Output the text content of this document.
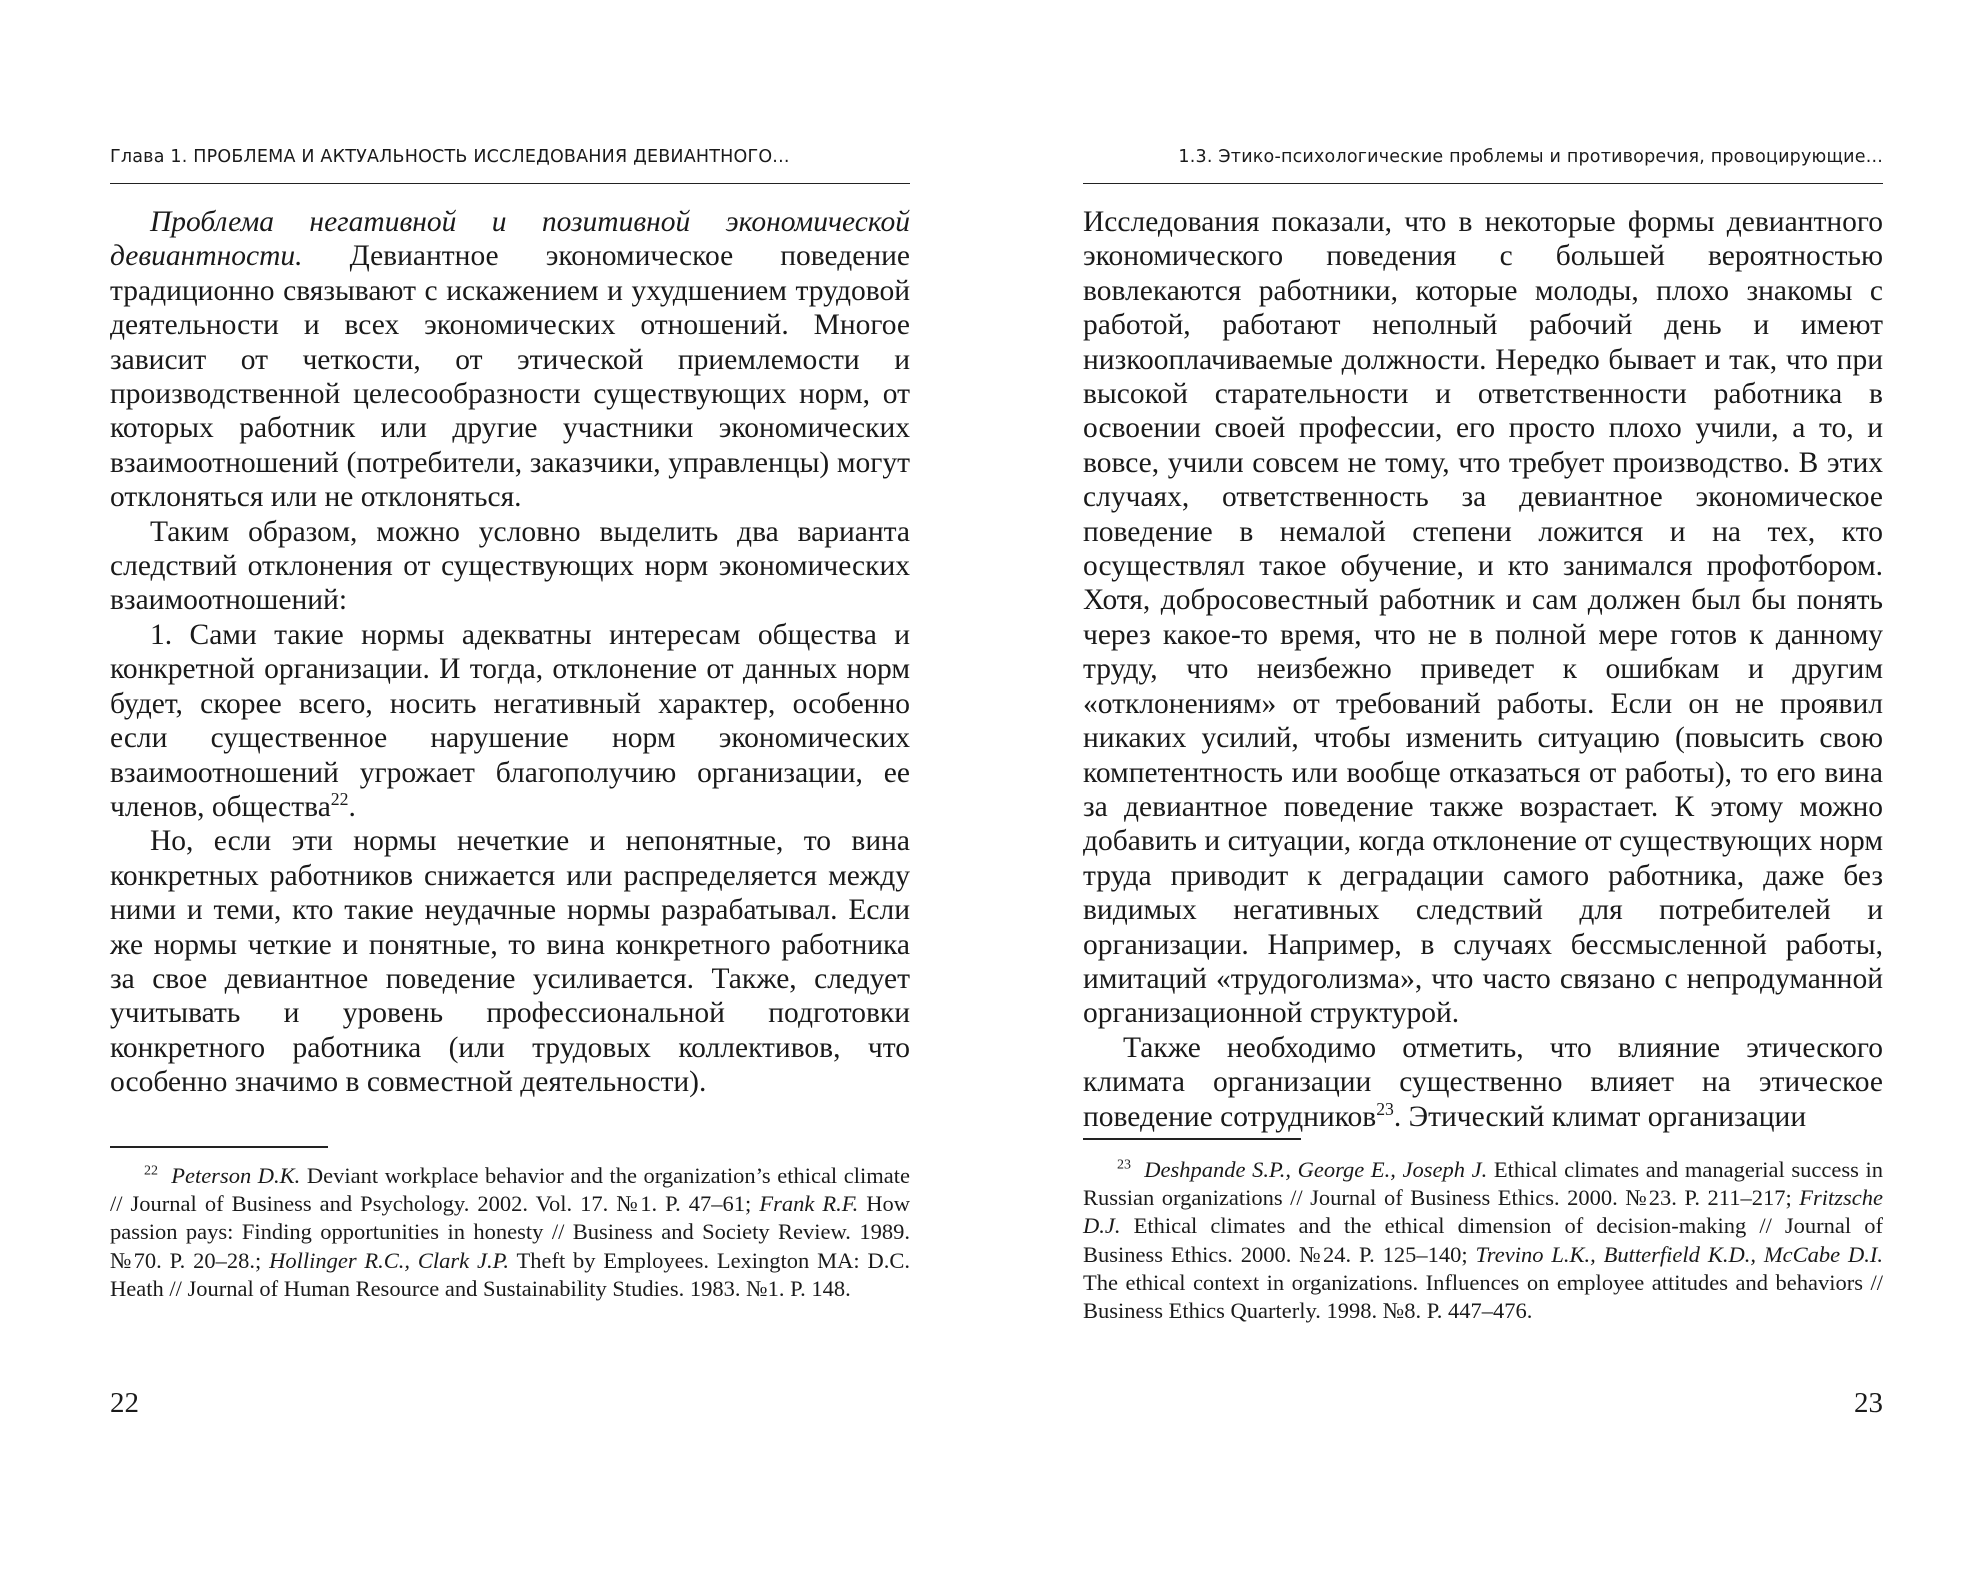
Глава 1. ПРОБЛЕМА И АКТУАЛЬНОСТЬ ИССЛЕДОВАНИЯ ДЕВИАНТНОГО...

Проблема негативной и позитивной экономической девиантности. Девиантное экономическое поведение традиционно связывают с искажением и ухудшением трудовой деятельности и всех экономических отношений. Многое зависит от четкости, от этической приемлемости и производственной целесообразности существующих норм, от которых работник или другие участники экономических взаимоотношений (потребители, заказчики, управленцы) могут отклоняться или не отклоняться.

Таким образом, можно условно выделить два варианта следствий отклонения от существующих норм экономических взаимоотношений:

1. Сами такие нормы адекватны интересам общества и конкретной организации. И тогда, отклонение от данных норм будет, скорее всего, носить негативный характер, особенно если существенное нарушение норм экономических взаимоотношений угрожает благополучию организации, ее членов, общества$^{22}$.

Но, если эти нормы нечеткие и непонятные, то вина конкретных работников снижается или распределяется между ними и теми, кто такие неудачные нормы разрабатывал. Если же нормы четкие и понятные, то вина конкретного работника за свое девиантное поведение усиливается. Также, следует учитывать и уровень профессиональной подготовки конкретного работника (или трудовых коллективов, что особенно значимо в совместной деятельности).

$^{22}$ Peterson D.K. Deviant workplace behavior and the organization’s ethical climate // Journal of Business and Psychology. 2002. Vol. 17. №1. P. 47–61; Frank R.F. How passion pays: Finding opportunities in honesty // Business and Society Review. 1989. №70. P. 20–28.; Hollinger R.C., Clark J.P. Theft by Employees. Lexington MA: D.C. Heath // Journal of Human Resource and Sustainability Studies. 1983. №1. P. 148.
22
1.3. Этико-психологические проблемы и противоречия, провоцирующие...

Исследования показали, что в некоторые формы девиантного экономического поведения с большей вероятностью вовлекаются работники, которые молоды, плохо знакомы с работой, работают неполный рабочий день и имеют низкооплачиваемые должности. Нередко бывает и так, что при высокой старательности и ответственности работника в освоении своей профессии, его просто плохо учили, а то, и вовсе, учили совсем не тому, что требует производство. В этих случаях, ответственность за девиантное экономическое поведение в немалой степени ложится и на тех, кто осуществлял такое обучение, и кто занимался профотбором. Хотя, добросовестный работник и сам должен был бы понять через какое-то время, что не в полной мере готов к данному труду, что неизбежно приведет к ошибкам и другим «отклонениям» от требований работы. Если он не проявил никаких усилий, чтобы изменить ситуацию (повысить свою компетентность или вообще отказаться от работы), то его вина за девиантное поведение также возрастает. К этому можно добавить и ситуации, когда отклонение от существующих норм труда приводит к деградации самого работника, даже без видимых негативных следствий для потребителей и организации. Например, в случаях бессмысленной работы, имитаций «трудоголизма», что часто связано с непродуманной организационной структурой.

Также необходимо отметить, что влияние этического климата организации существенно влияет на этическое поведение сотрудников$^{23}$. Этический климат организации

$^{23}$ Deshpande S.P., George E., Joseph J. Ethical climates and managerial success in Russian organizations // Journal of Business Ethics. 2000. №23. P. 211–217; Fritzsche D.J. Ethical climates and the ethical dimension of decision-making // Journal of Business Ethics. 2000. №24. P. 125–140; Trevino L.K., Butterfield K.D., McCabe D.I. The ethical context in organizations. Influences on employee attitudes and behaviors // Business Ethics Quarterly. 1998. №8. P. 447–476.
23
